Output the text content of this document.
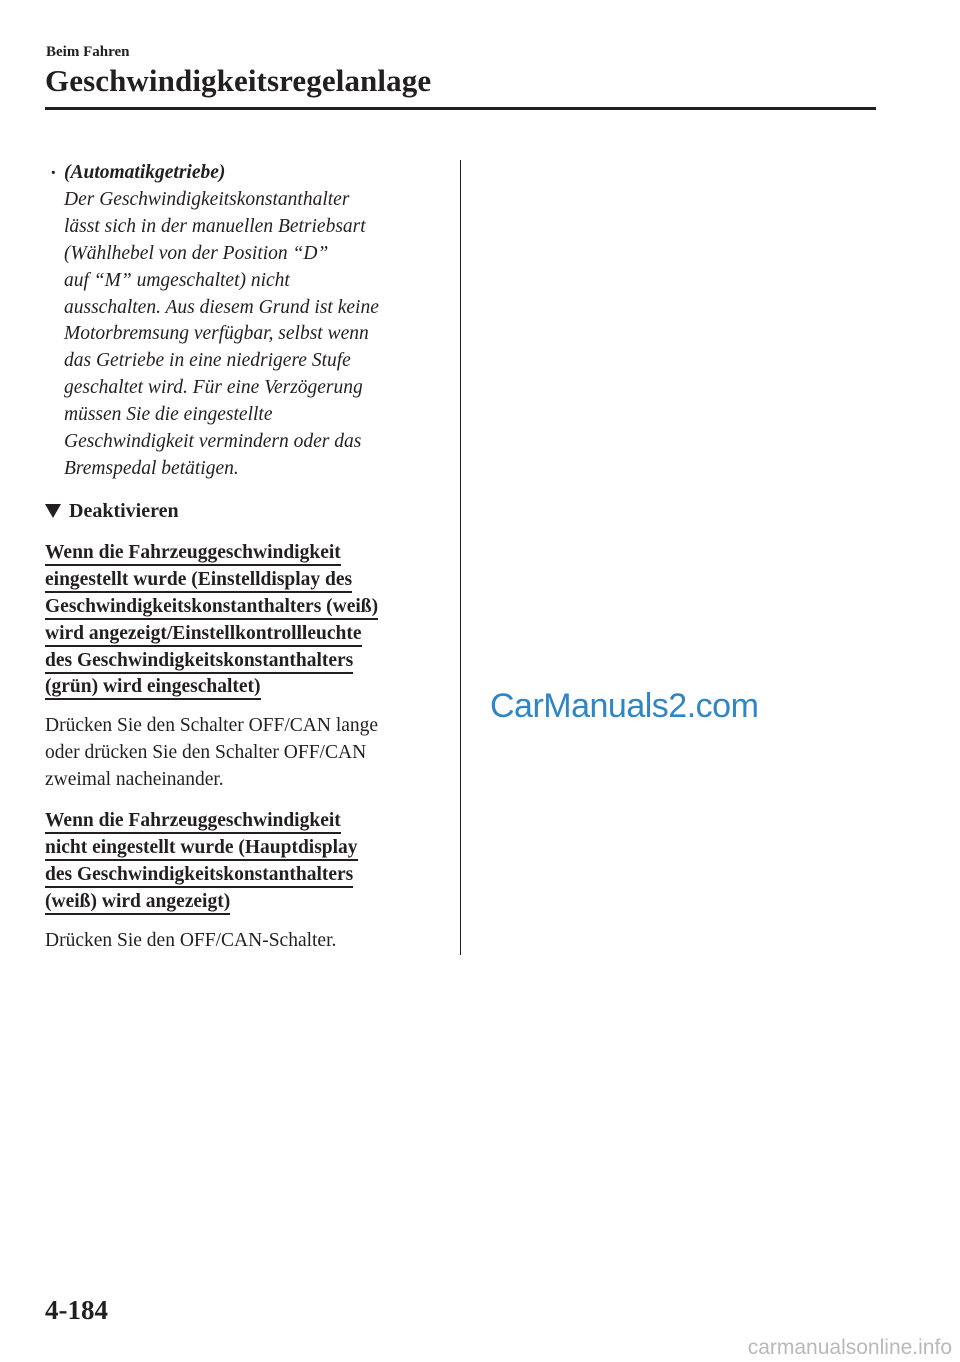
Beim Fahren
Geschwindigkeitsregelanlage
· (Automatikgetriebe)
Der Geschwindigkeitskonstanthalter
lässt sich in der manuellen Betriebsart
(Wählhebel von der Position “D”
auf “M” umgeschaltet) nicht
ausschalten. Aus diesem Grund ist keine
Motorbremsung verfügbar, selbst wenn
das Getriebe in eine niedrigere Stufe
geschaltet wird. Für eine Verzögerung
müssen Sie die eingestellte
Geschwindigkeit vermindern oder das
Bremspedal betätigen.
Deaktivieren
Wenn die Fahrzeuggeschwindigkeit
eingestellt wurde (Einstelldisplay des
Geschwindigkeitskonstanthalters (weiß)
wird angezeigt/Einstellkontrollleuchte
des Geschwindigkeitskonstanthalters
(grün) wird eingeschaltet)
Drücken Sie den Schalter OFF/CAN lange
oder drücken Sie den Schalter OFF/CAN
zweimal nacheinander.
Wenn die Fahrzeuggeschwindigkeit
nicht eingestellt wurde (Hauptdisplay
des Geschwindigkeitskonstanthalters
(weiß) wird angezeigt)
Drücken Sie den OFF/CAN-Schalter.
CarManuals2.com
4-184
carmanualsonline.info
